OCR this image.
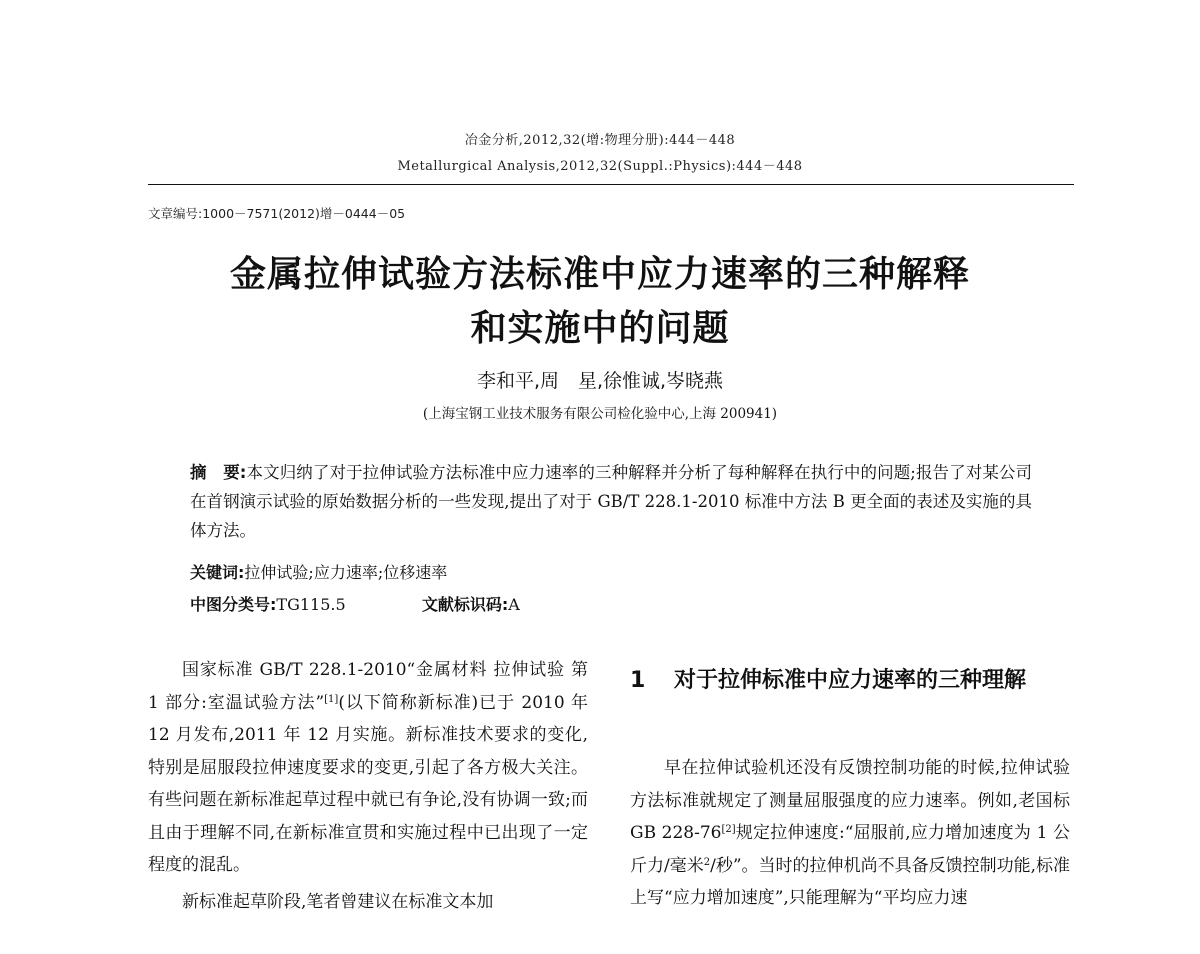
冶金分析,2012,32(增:物理分册):444－448
Metallurgical Analysis,2012,32(Suppl.:Physics):444－448
文章编号:1000－7571(2012)增－0444－05
金属拉伸试验方法标准中应力速率的三种解释
和实施中的问题
李和平,周　星,徐惟诚,岑晓燕
(上海宝钢工业技术服务有限公司检化验中心,上海 200941)
摘　要:本文归纳了对于拉伸试验方法标准中应力速率的三种解释并分析了每种解释在执行中的问题;报告了对某公司在首钢演示试验的原始数据分析的一些发现,提出了对于 GB/T 228.1-2010 标准中方法 B 更全面的表述及实施的具体方法。
关键词:拉伸试验;应力速率;位移速率
中图分类号:TG115.5	文献标识码:A

国家标准 GB/T 228.1-2010“金属材料 拉伸试验 第 1 部分:室温试验方法”[1](以下简称新标准)已于 2010 年 12 月发布,2011 年 12 月实施。新标准技术要求的变化,特别是屈服段拉伸速度要求的变更,引起了各方极大关注。有些问题在新标准起草过程中就已有争论,没有协调一致;而且由于理解不同,在新标准宣贯和实施过程中已出现了一定程度的混乱。

新标准起草阶段,笔者曾建议在标准文本加

1 对于拉伸标准中应力速率的三种理解

早在拉伸试验机还没有反馈控制功能的时候,拉伸试验方法标准就规定了测量屈服强度的应力速率。例如,老国标 GB 228-76[2]规定拉伸速度:“屈服前,应力增加速度为 1 公斤力/毫米$^2$/秒”。当时的拉伸机尚不具备反馈控制功能,标准上写“应力增加速度”,只能理解为“平均应力速
